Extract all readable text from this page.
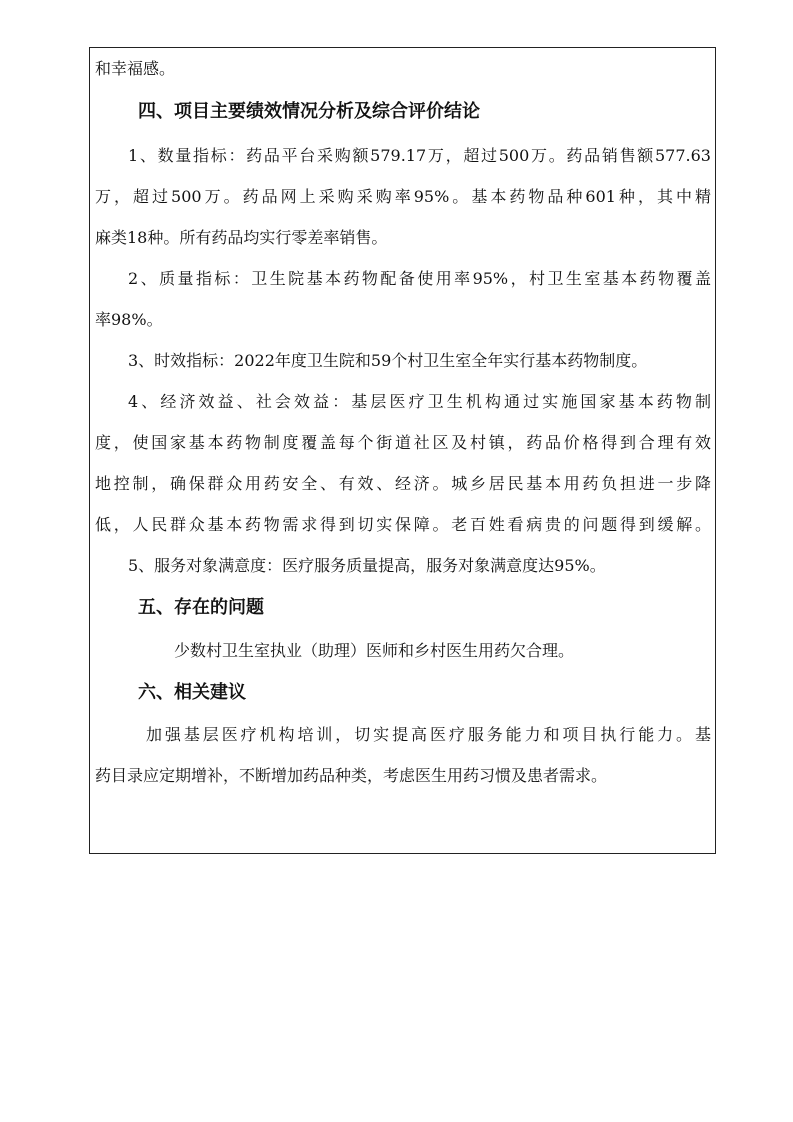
和幸福感。
四、项目主要绩效情况分析及综合评价结论
1、数量指标：药品平台采购额579.17万，超过500万。药品销售额577.63
万，超过500万。药品网上采购采购率95%。基本药物品种601种，其中精
麻类18种。所有药品均实行零差率销售。
2、质量指标：卫生院基本药物配备使用率95%，村卫生室基本药物覆盖
率98%。
3、时效指标：2022年度卫生院和59个村卫生室全年实行基本药物制度。
4、经济效益、社会效益：基层医疗卫生机构通过实施国家基本药物制
度，使国家基本药物制度覆盖每个街道社区及村镇，药品价格得到合理有效
地控制，确保群众用药安全、有效、经济。城乡居民基本用药负担进一步降
低，人民群众基本药物需求得到切实保障。老百姓看病贵的问题得到缓解。
5、服务对象满意度：医疗服务质量提高，服务对象满意度达95%。
五、存在的问题
少数村卫生室执业（助理）医师和乡村医生用药欠合理。
六、相关建议
加强基层医疗机构培训，切实提高医疗服务能力和项目执行能力。基
药目录应定期增补，不断增加药品种类，考虑医生用药习惯及患者需求。
